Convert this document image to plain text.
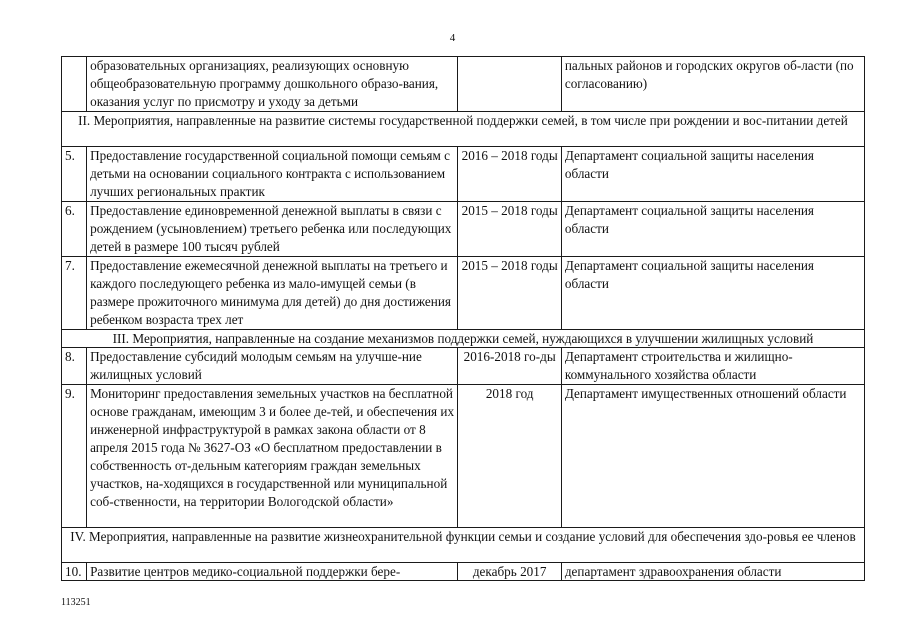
4
	образовательных организациях, реализующих основную общеобразовательную программу дошкольного образо-вания, оказания услуг по присмотру и уходу за детьми		пальных районов и городских округов об-ласти (по согласованию)
II. Мероприятия, направленные на развитие системы государственной поддержки семей, в том числе при рождении и вос-питании детей			
5.	Предоставление государственной социальной помощи семьям с детьми на основании социального контракта с использованием лучших региональных практик	2016 – 2018 годы	Департамент социальной защиты населения области
6.	Предоставление единовременной денежной выплаты в связи с рождением (усыновлением) третьего ребенка или последующих детей в размере 100 тысяч рублей	2015 – 2018 годы	Департамент социальной защиты населения области
7.	Предоставление ежемесячной денежной выплаты на третьего и каждого последующего ребенка из мало-имущей семьи (в размере прожиточного минимума для детей) до дня достижения ребенком возраста трех лет	2015 – 2018 годы	Департамент социальной защиты населения области
III. Мероприятия, направленные на создание механизмов поддержки семей, нуждающихся в улучшении жилищных условий			
8.	Предоставление субсидий молодым семьям на улучше-ние жилищных условий	2016-2018 го-ды	Департамент строительства и жилищно-коммунального хозяйства области
9.	Мониторинг предоставления земельных участков на бесплатной основе гражданам, имеющим 3 и более де-тей, и обеспечения их инженерной инфраструктурой в рамках закона области от 8 апреля 2015 года № 3627-ОЗ «О бесплатном предоставлении в собственность от-дельным категориям граждан земельных участков, на-ходящихся в государственной или муниципальной соб-ственности, на территории Вологодской области»	2018 год	Департамент имущественных отношений области
IV. Мероприятия, направленные на развитие жизнеохранительной функции семьи и создание условий для обеспечения здо-ровья ее членов			
10.	Развитие центров медико-социальной поддержки бере-	декабрь 2017	департамент здравоохранения области
113251
